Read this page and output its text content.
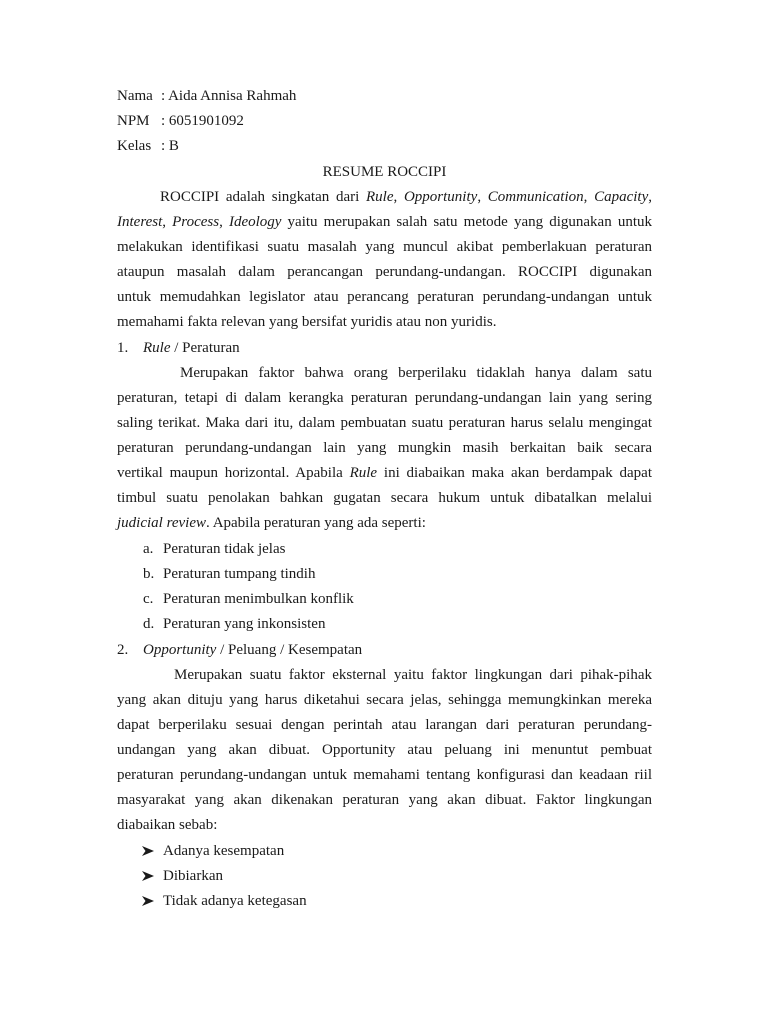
Nama : Aida Annisa Rahmah
NPM : 6051901092
Kelas : B
RESUME ROCCIPI
ROCCIPI adalah singkatan dari Rule, Opportunity, Communication, Capacity,
Interest, Process, Ideology yaitu merupakan salah satu metode yang digunakan untuk
melakukan identifikasi suatu masalah yang muncul akibat pemberlakuan peraturan
ataupun masalah dalam perancangan perundang-undangan. ROCCIPI digunakan
untuk memudahkan legislator atau perancang peraturan perundang-undangan untuk
memahami fakta relevan yang bersifat yuridis atau non yuridis.
1. Rule / Peraturan
Merupakan faktor bahwa orang berperilaku tidaklah hanya dalam satu
peraturan, tetapi di dalam kerangka peraturan perundang-undangan lain yang sering
saling terikat. Maka dari itu, dalam pembuatan suatu peraturan harus selalu mengingat
peraturan perundang-undangan lain yang mungkin masih berkaitan baik secara
vertikal maupun horizontal. Apabila Rule ini diabaikan maka akan berdampak dapat
timbul suatu penolakan bahkan gugatan secara hukum untuk dibatalkan melalui
judicial review. Apabila peraturan yang ada seperti:
a. Peraturan tidak jelas
b. Peraturan tumpang tindih
c. Peraturan menimbulkan konflik
d. Peraturan yang inkonsisten
2. Opportunity / Peluang / Kesempatan
Merupakan suatu faktor eksternal yaitu faktor lingkungan dari pihak-pihak
yang akan dituju yang harus diketahui secara jelas, sehingga memungkinkan mereka
dapat berperilaku sesuai dengan perintah atau larangan dari peraturan perundang-
undangan yang akan dibuat. Opportunity atau peluang ini menuntut pembuat
peraturan perundang-undangan untuk memahami tentang konfigurasi dan keadaan riil
masyarakat yang akan dikenakan peraturan yang akan dibuat. Faktor lingkungan
diabaikan sebab:
Adanya kesempatan
Dibiarkan
Tidak adanya ketegasan
